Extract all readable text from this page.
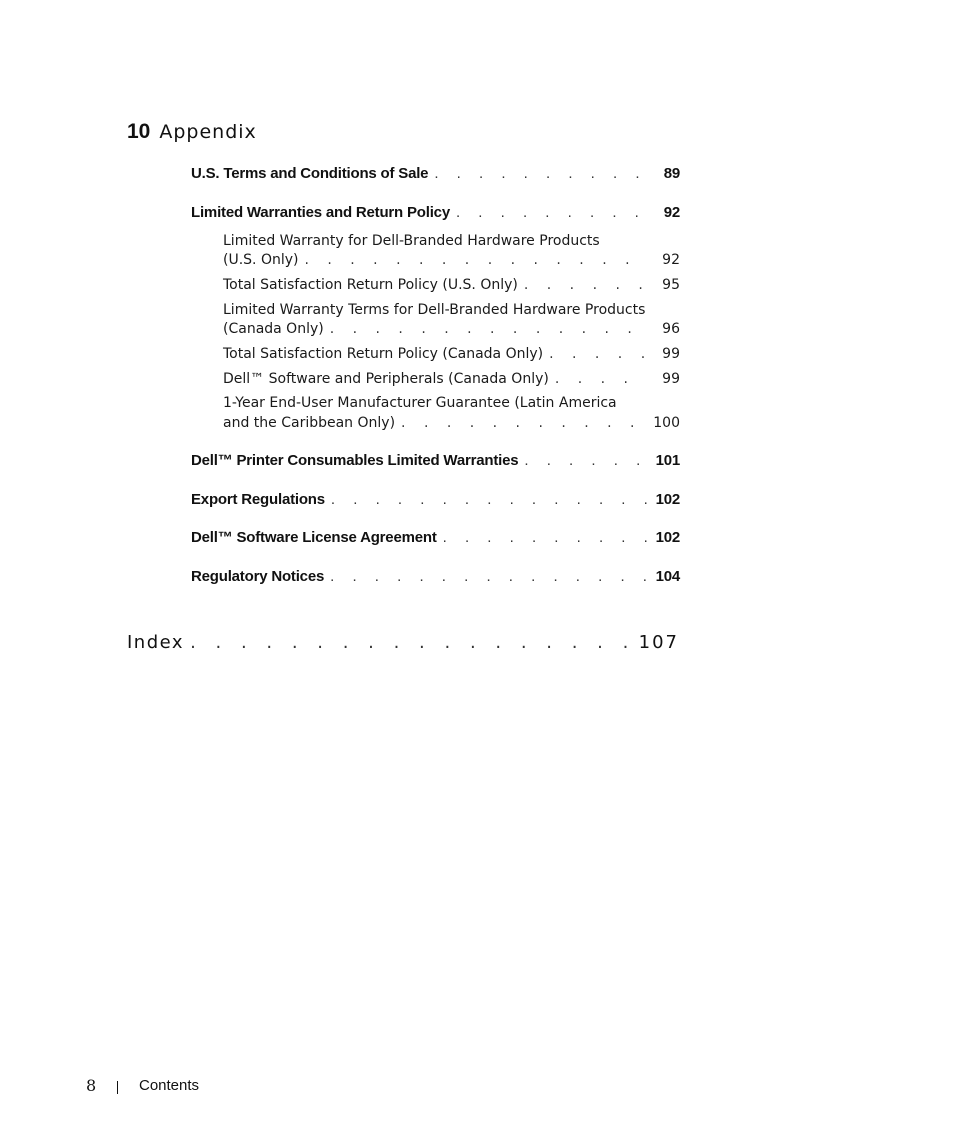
10 Appendix
U.S. Terms and Conditions of Sale . . .	89
Limited Warranties and Return Policy . . .	92
Limited Warranty for Dell-Branded Hardware Products
(U.S. Only) . . .	92
Total Satisfaction Return Policy (U.S. Only) . . .	95
Limited Warranty Terms for Dell-Branded Hardware Products
(Canada Only) . . .	96
Total Satisfaction Return Policy (Canada Only) . . .	99
Dell™ Software and Peripherals (Canada Only) . . .	99
1-Year End-User Manufacturer Guarantee (Latin America
and the Caribbean Only) . . .	100
Dell™ Printer Consumables Limited Warranties . . .	101
Export Regulations . . .	102
Dell™ Software License Agreement . . .	102
Regulatory Notices . . .	104
Index . . .	107
8	Contents
